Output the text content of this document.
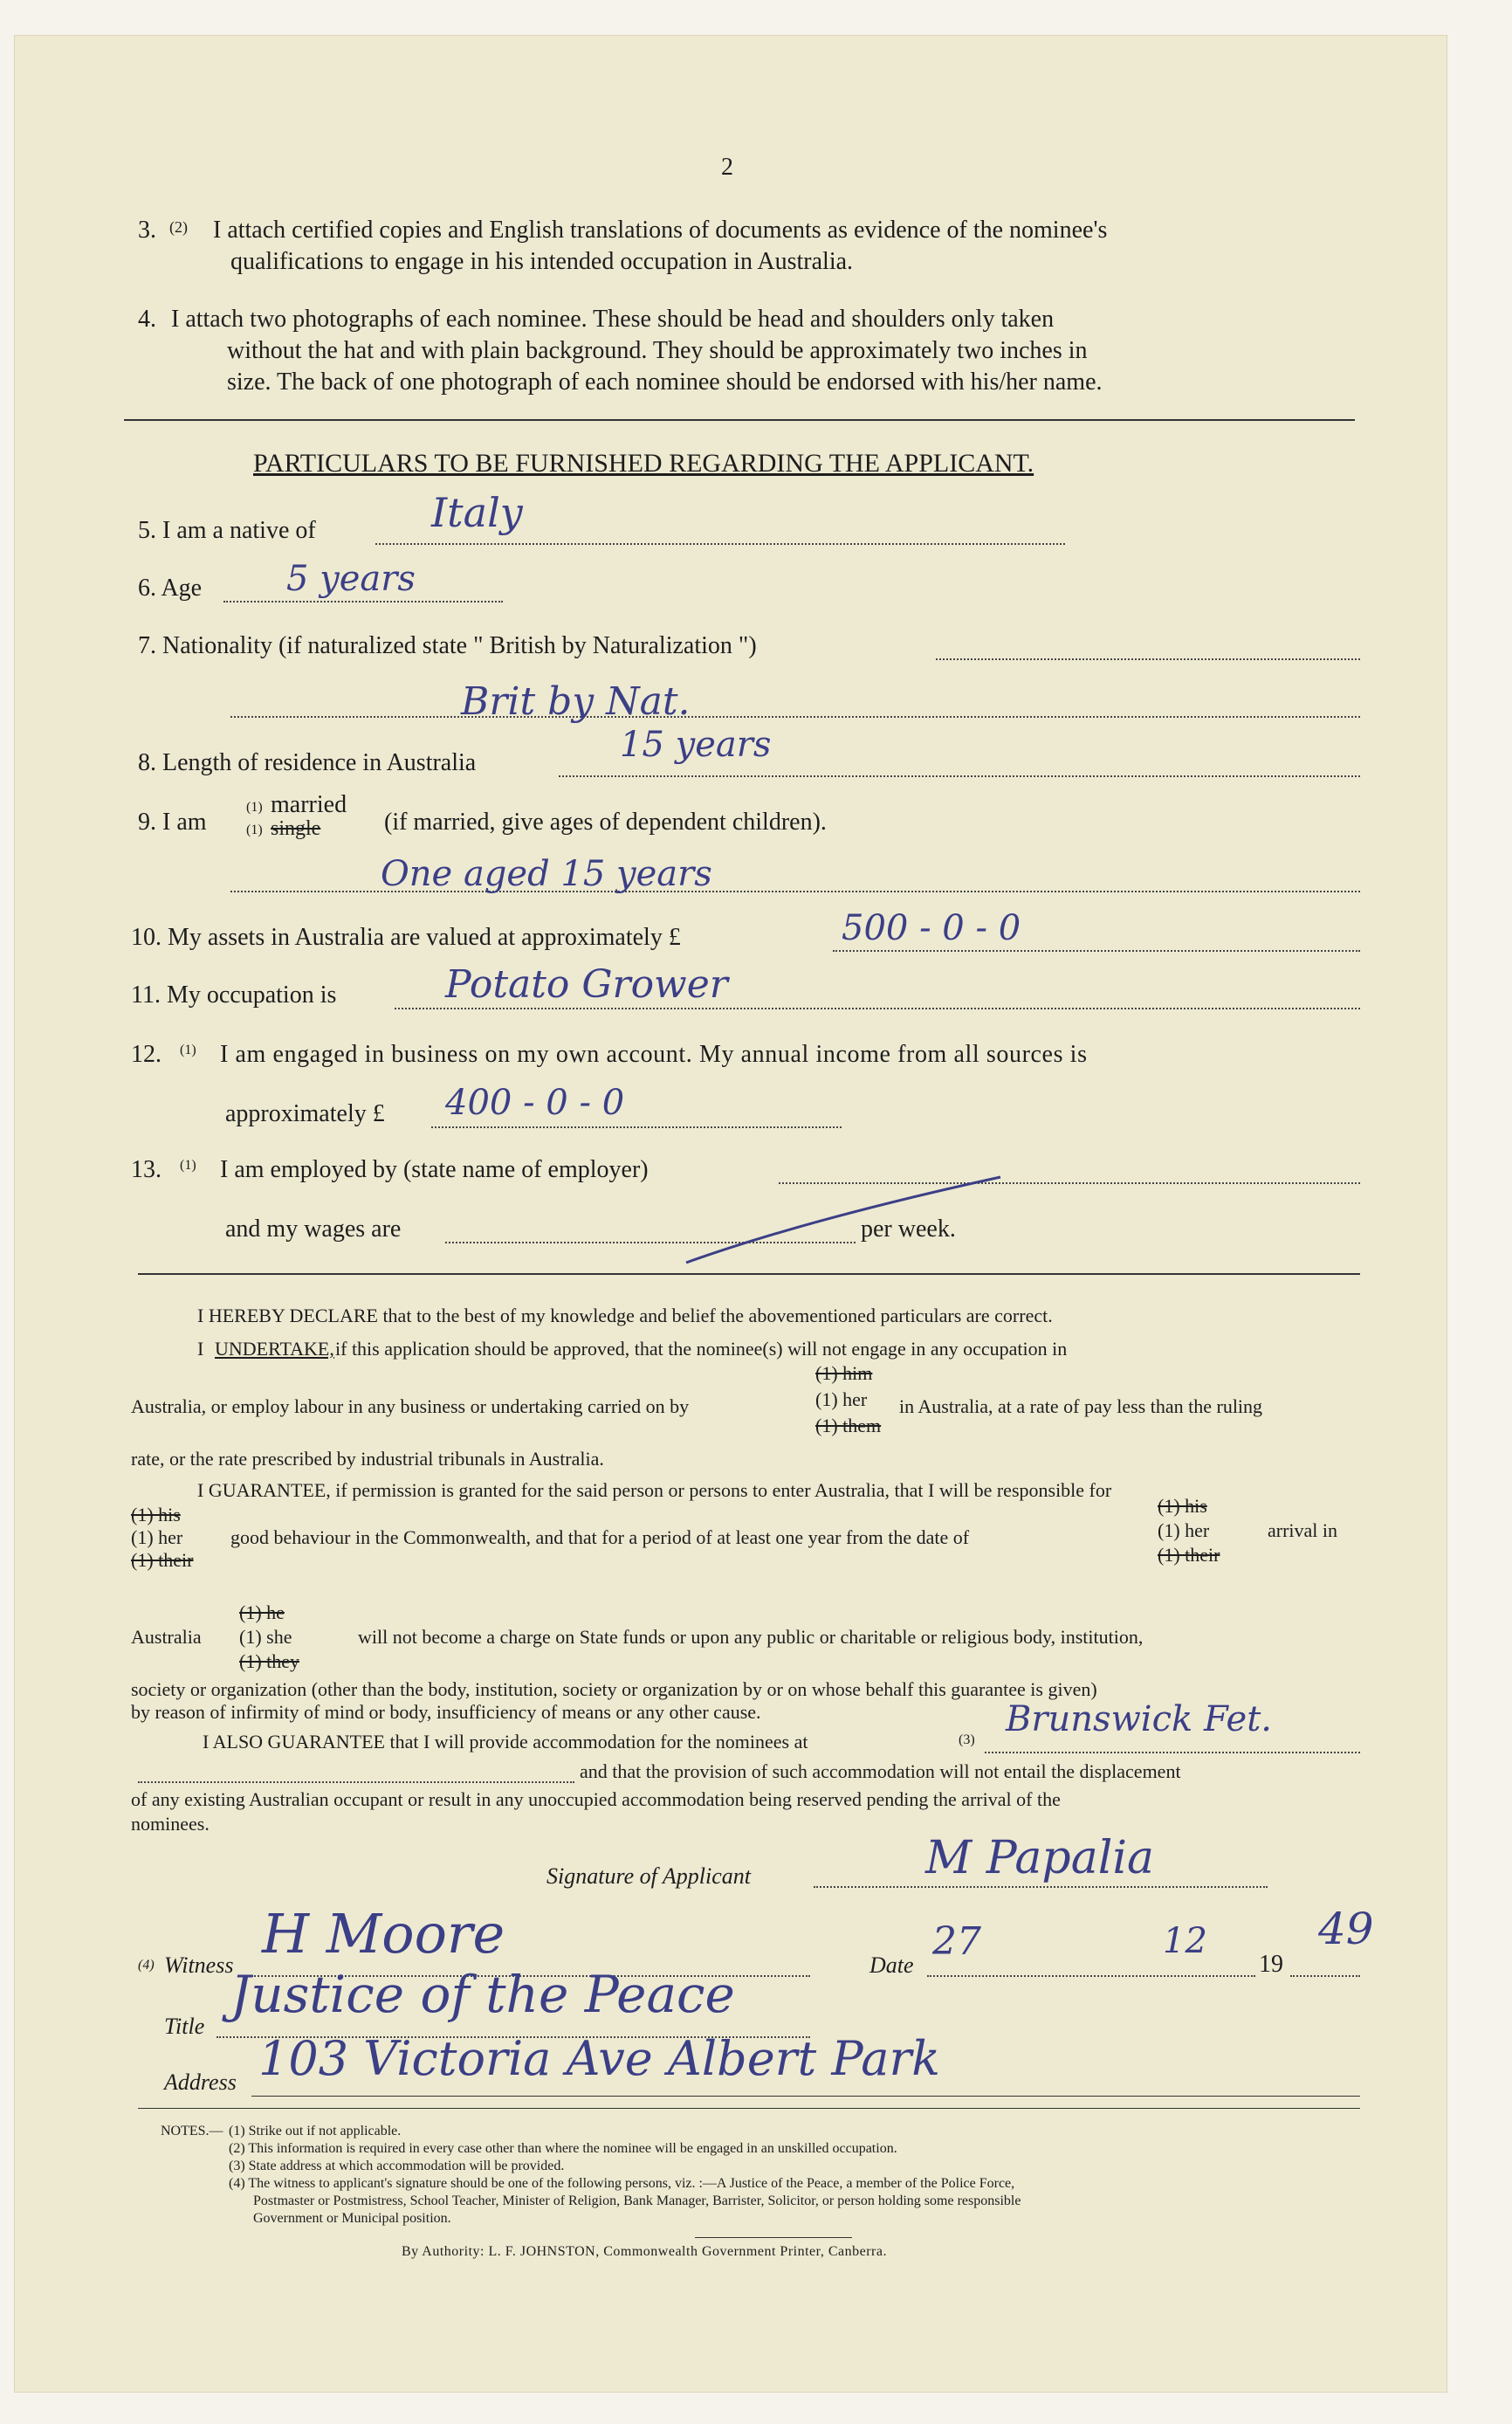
2
3. (2) I attach certified copies and English translations of documents as evidence of the nominee's
qualifications to engage in his intended occupation in Australia.
4. I attach two photographs of each nominee. These should be head and shoulders only taken
without the hat and with plain background. They should be approximately two inches in
size. The back of one photograph of each nominee should be endorsed with his/her name.
PARTICULARS TO BE FURNISHED REGARDING THE APPLICANT.
5. I am a native of	Italy
6. Age 5 years
7. Nationality (if naturalized state " British by Naturalization ")
Brit by Nat.
8. Length of residence in Australia	15 years
9. I am
(1) married
(1) single	(if married, give ages of dependent children).
One aged 15 years
10. My assets in Australia are valued at approximately £	500 - 0 - 0
11. My occupation is	Potato Grower
12. (1) I am engaged in business on my own account. My annual income from all sources is
approximately £ 400 - 0 - 0
13. (1) I am employed by (state name of employer)
and my wages are	per week.
I HEREBY DECLARE that to the best of my knowledge and belief the abovementioned particulars are correct.
I UNDERTAKE, if this application should be approved, that the nominee(s) will not engage in any occupation in
(1) him
Australia, or employ labour in any business or undertaking carried on by	(1) her in Australia, at a rate of pay less than the ruling
(1) them
rate, or the rate prescribed by industrial tribunals in Australia.
I GUARANTEE, if permission is granted for the said person or persons to enter Australia, that I will be responsible for
(1) his
(1) her good behaviour in the Commonwealth, and that for a period of at least one year from the date of
(1) their
(1) his
(1) her
(1) their
arrival in
(1) he
Australia (1) she	will not become a charge on State funds or upon any public or charitable or religious body, institution,
(1) they
society or organization (other than the body, institution, society or organization by or on whose behalf this guarantee is given)
by reason of infirmity of mind or body, insufficiency of means or any other cause.
I ALSO GUARANTEE that I will provide accommodation for the nominees at	(3)
Brunswick Fet.
and that the provision of such accommodation will not entail the displacement
of any existing Australian occupant or result in any unoccupied accommodation being reserved pending the arrival of the
nominees.
Signature of Applicant	M Papalia
(4) Witness H Moore	Date
27	12
19
49
Title
Justice of the Peace
Address 103 Victoria Ave Albert Park
NOTES.— (1) Strike out if not applicable.
(2) This information is required in every case other than where the nominee will be engaged in an unskilled occupation.
(3) State address at which accommodation will be provided.
(4) The witness to applicant's signature should be one of the following persons, viz. :—A Justice of the Peace, a member of the Police Force,
Postmaster or Postmistress, School Teacher, Minister of Religion, Bank Manager, Barrister, Solicitor, or person holding some responsible
Government or Municipal position.
By Authority: L. F. JOHNSTON, Commonwealth Government Printer, Canberra.
